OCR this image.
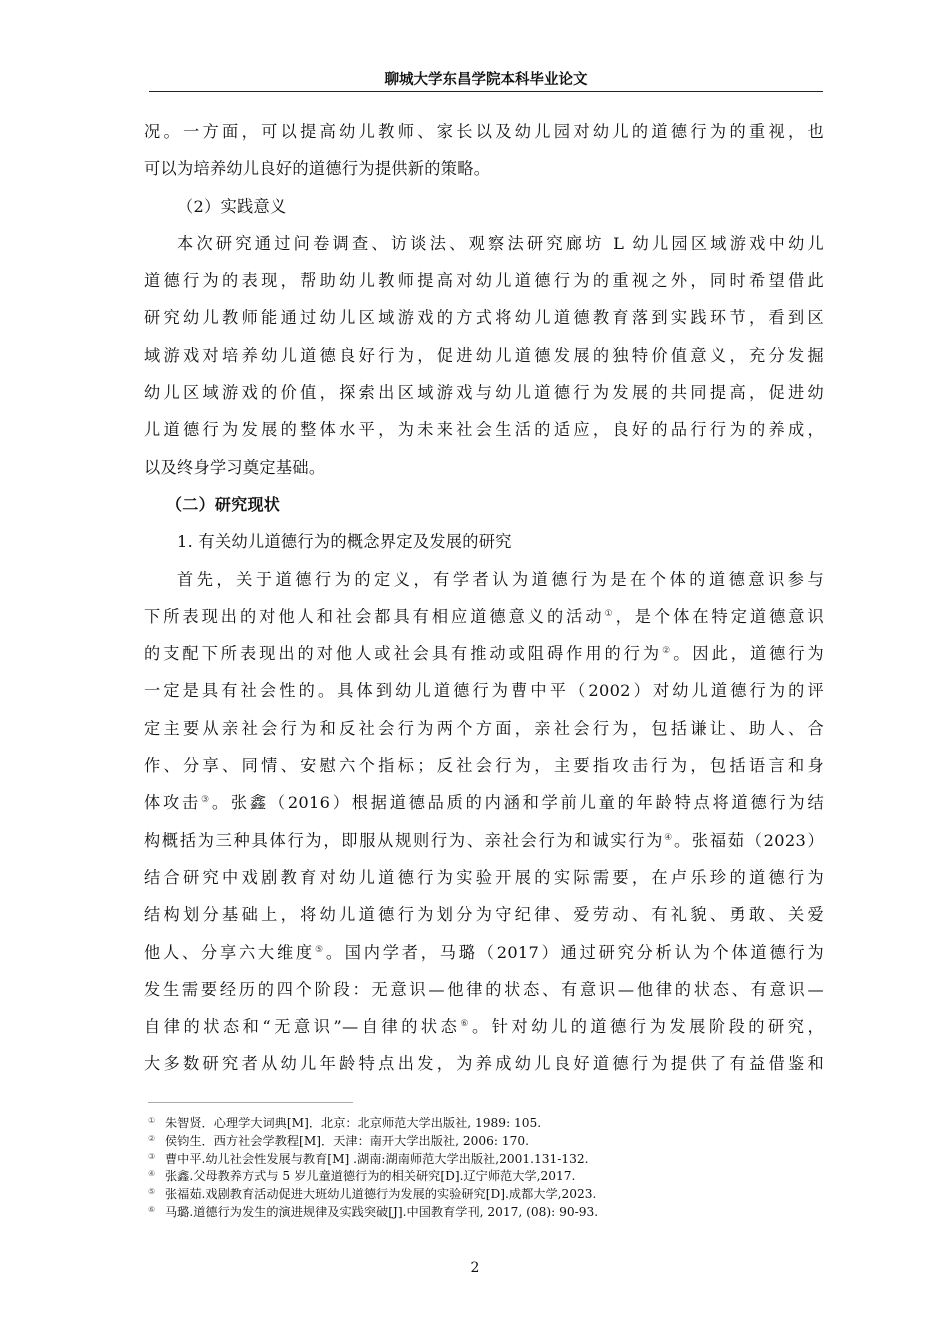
聊城大学东昌学院本科毕业论文
况。一方面，可以提高幼儿教师、家长以及幼儿园对幼儿的道德行为的重视，也
可以为培养幼儿良好的道德行为提供新的策略。
（2）实践意义
本次研究通过问卷调查、访谈法、观察法研究廊坊 L 幼儿园区域游戏中幼儿
道德行为的表现，帮助幼儿教师提高对幼儿道德行为的重视之外，同时希望借此
研究幼儿教师能通过幼儿区域游戏的方式将幼儿道德教育落到实践环节，看到区
域游戏对培养幼儿道德良好行为，促进幼儿道德发展的独特价值意义，充分发掘
幼儿区域游戏的价值，探索出区域游戏与幼儿道德行为发展的共同提高，促进幼
儿道德行为发展的整体水平，为未来社会生活的适应，良好的品行行为的养成，
以及终身学习奠定基础。
（二）研究现状
1. 有关幼儿道德行为的概念界定及发展的研究
首先，关于道德行为的定义，有学者认为道德行为是在个体的道德意识参与
下所表现出的对他人和社会都具有相应道德意义的活动①，是个体在特定道德意识
的支配下所表现出的对他人或社会具有推动或阻碍作用的行为②。因此，道德行为
一定是具有社会性的。具体到幼儿道德行为曹中平（2002）对幼儿道德行为的评
定主要从亲社会行为和反社会行为两个方面，亲社会行为，包括谦让、助人、合
作、分享、同情、安慰六个指标；反社会行为，主要指攻击行为，包括语言和身
体攻击③。张鑫（2016）根据道德品质的内涵和学前儿童的年龄特点将道德行为结
构概括为三种具体行为，即服从规则行为、亲社会行为和诚实行为④。张福茹（2023）
结合研究中戏剧教育对幼儿道德行为实验开展的实际需要，在卢乐珍的道德行为
结构划分基础上，将幼儿道德行为划分为守纪律、爱劳动、有礼貌、勇敢、关爱
他人、分享六大维度⑤。国内学者，马璐（2017）通过研究分析认为个体道德行为
发生需要经历的四个阶段：无意识—他律的状态、有意识—他律的状态、有意识—
自律的状态和“无意识”—自律的状态⑥。针对幼儿的道德行为发展阶段的研究，
大多数研究者从幼儿年龄特点出发，为养成幼儿良好道德行为提供了有益借鉴和
① 朱智贤．心理学大词典[M]．北京：北京师范大学出版社, 1989: 105.
② 侯钧生．西方社会学教程[M]．天津：南开大学出版社, 2006: 170.
③ 曹中平.幼儿社会性发展与教育[M] .湖南:湖南师范大学出版社,2001.131-132.
④ 张鑫.父母教养方式与 5 岁儿童道德行为的相关研究[D].辽宁师范大学,2017.
⑤ 张福茹.戏剧教育活动促进大班幼儿道德行为发展的实验研究[D].成都大学,2023.
⑥ 马璐.道德行为发生的演进规律及实践突破[J].中国教育学刊, 2017, (08): 90-93.
2
